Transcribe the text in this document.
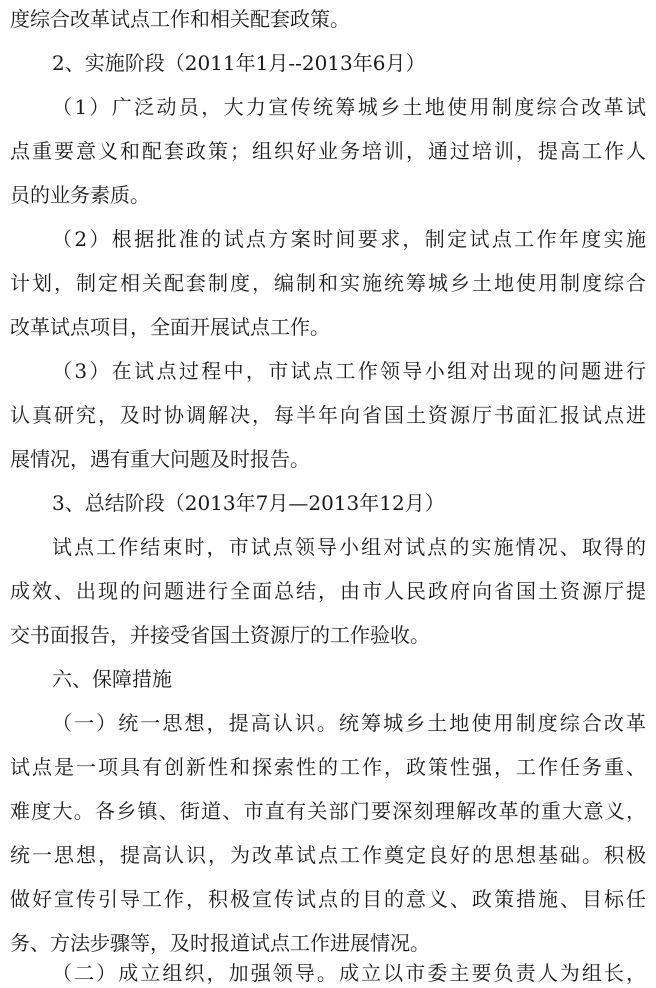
度综合改革试点工作和相关配套政策。

2、实施阶段（2011年1月--2013年6月）

（1）广泛动员，大力宣传统筹城乡土地使用制度综合改革试

点重要意义和配套政策；组织好业务培训，通过培训，提高工作人

员的业务素质。

（2）根据批准的试点方案时间要求，制定试点工作年度实施

计划，制定相关配套制度，编制和实施统筹城乡土地使用制度综合

改革试点项目，全面开展试点工作。

（3）在试点过程中，市试点工作领导小组对出现的问题进行

认真研究，及时协调解决，每半年向省国土资源厅书面汇报试点进

展情况，遇有重大问题及时报告。

3、总结阶段（2013年7月—2013年12月）

试点工作结束时，市试点领导小组对试点的实施情况、取得的

成效、出现的问题进行全面总结，由市人民政府向省国土资源厅提

交书面报告，并接受省国土资源厅的工作验收。

六、保障措施

（一）统一思想，提高认识。统筹城乡土地使用制度综合改革

试点是一项具有创新性和探索性的工作，政策性强，工作任务重、

难度大。各乡镇、街道、市直有关部门要深刻理解改革的重大意义，

统一思想，提高认识，为改革试点工作奠定良好的思想基础。积极

做好宣传引导工作，积极宣传试点的目的意义、政策措施、目标任

务、方法步骤等，及时报道试点工作进展情况。

（二）成立组织，加强领导。成立以市委主要负责人为组长，
